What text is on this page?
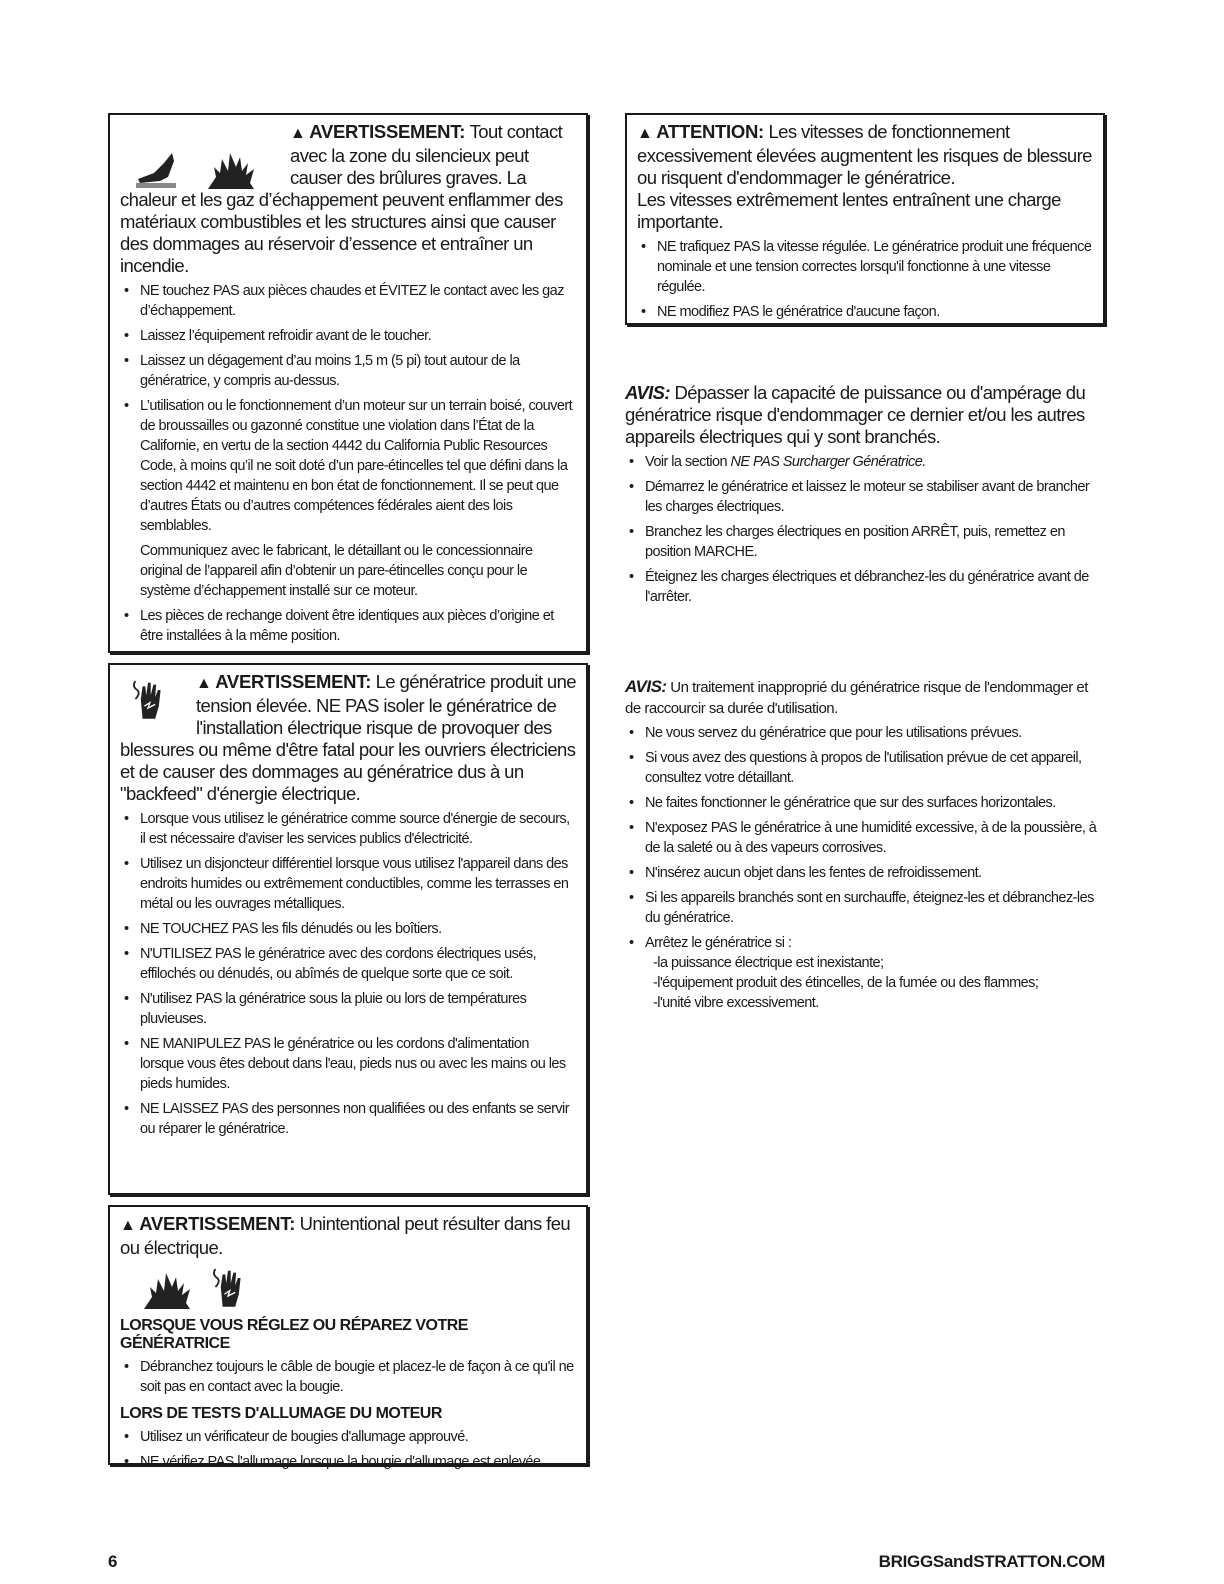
▲ AVERTISSEMENT: Tout contact avec la zone du silencieux peut causer des brûlures graves. La chaleur et les gaz d’échappement peuvent enflammer des matériaux combustibles et les structures ainsi que causer des dommages au réservoir d’essence et entraîner un incendie.
• NE touchez PAS aux pièces chaudes et ÉVITEZ le contact avec les gaz d’échappement.
• Laissez l’équipement refroidir avant de le toucher.
• Laissez un dégagement d’au moins 1,5 m (5 pi) tout autour de la génératrice, y compris au-dessus.
• L’utilisation ou le fonctionnement d’un moteur sur un terrain boisé, couvert de broussailles ou gazonné constitue une violation dans l’État de la Californie, en vertu de la section 4442 du California Public Resources Code, à moins qu’il ne soit doté d’un pare-étincelles tel que défini dans la section 4442 et maintenu en bon état de fonctionnement. Il se peut que d’autres États ou d’autres compétences fédérales aient des lois semblables.
Communiquez avec le fabricant, le détaillant ou le concessionnaire original de l’appareil afin d’obtenir un pare-étincelles conçu pour le système d’échappement installé sur ce moteur.
• Les pièces de rechange doivent être identiques aux pièces d’origine et être installées à la même position.
▲ AVERTISSEMENT: Le génératrice produit une tension élevée. NE PAS isoler le génératrice de l'installation électrique risque de provoquer des blessures ou même d'être fatal pour les ouvriers électriciens et de causer des dommages au génératrice dus à un "backfeed" d'énergie électrique.
• Lorsque vous utilisez le génératrice comme source d'énergie de secours, il est nécessaire d'aviser les services publics d'électricité.
• Utilisez un disjoncteur différentiel lorsque vous utilisez l'appareil dans des endroits humides ou extrêmement conductibles, comme les terrasses en métal ou les ouvrages métalliques.
• NE TOUCHEZ PAS les fils dénudés ou les boîtiers.
• N'UTILISEZ PAS le génératrice avec des cordons électriques usés, effilochés ou dénudés, ou abîmés de quelque sorte que ce soit.
• N'utilisez PAS la génératrice sous la pluie ou lors de températures pluvieuses.
• NE MANIPULEZ PAS le génératrice ou les cordons d'alimentation lorsque vous êtes debout dans l'eau, pieds nus ou avec les mains ou les pieds humides.
• NE LAISSEZ PAS des personnes non qualifiées ou des enfants se servir ou réparer le génératrice.
▲ AVERTISSEMENT: Unintentional peut résulter dans feu ou électrique.
LORSQUE VOUS RÉGLEZ OU RÉPAREZ VOTRE GÉNÉRATRICE
• Débranchez toujours le câble de bougie et placez-le de façon à ce qu'il ne soit pas en contact avec la bougie.
LORS DE TESTS D'ALLUMAGE DU MOTEUR
• Utilisez un vérificateur de bougies d'allumage approuvé.
• NE vérifiez PAS l'allumage lorsque la bougie d'allumage est enlevée.
▲ ATTENTION: Les vitesses de fonctionnement excessivement élevées augmentent les risques de blessure ou risquent d'endommager le génératrice.
Les vitesses extrêmement lentes entraînent une charge importante.
• NE trafiquez PAS la vitesse régulée. Le génératrice produit une fréquence nominale et une tension correctes lorsqu'il fonctionne à une vitesse régulée.
• NE modifiez PAS le génératrice d'aucune façon.
AVIS: Dépasser la capacité de puissance ou d'ampérage du génératrice risque d'endommager ce dernier et/ou les autres appareils électriques qui y sont branchés.
• Voir la section NE PAS Surcharger Génératrice.
• Démarrez le génératrice et laissez le moteur se stabiliser avant de brancher les charges électriques.
• Branchez les charges électriques en position ARRÊT, puis, remettez en position MARCHE.
• Éteignez les charges électriques et débranchez-les du génératrice avant de l'arrêter.
AVIS: Un traitement inapproprié du génératrice risque de l'endommager et de raccourcir sa durée d'utilisation.
• Ne vous servez du génératrice que pour les utilisations prévues.
• Si vous avez des questions à propos de l'utilisation prévue de cet appareil, consultez votre détaillant.
• Ne faites fonctionner le génératrice que sur des surfaces horizontales.
• N'exposez PAS le génératrice à une humidité excessive, à de la poussière, à de la saleté ou à des vapeurs corrosives.
• N'insérez aucun objet dans les fentes de refroidissement.
• Si les appareils branchés sont en surchauffe, éteignez-les et débranchez-les du génératrice.
• Arrêtez le génératrice si :
-la puissance électrique est inexistante;
-l'équipement produit des étincelles, de la fumée ou des flammes;
-l'unité vibre excessivement.
6	BRIGGSandSTRATTON.COM
